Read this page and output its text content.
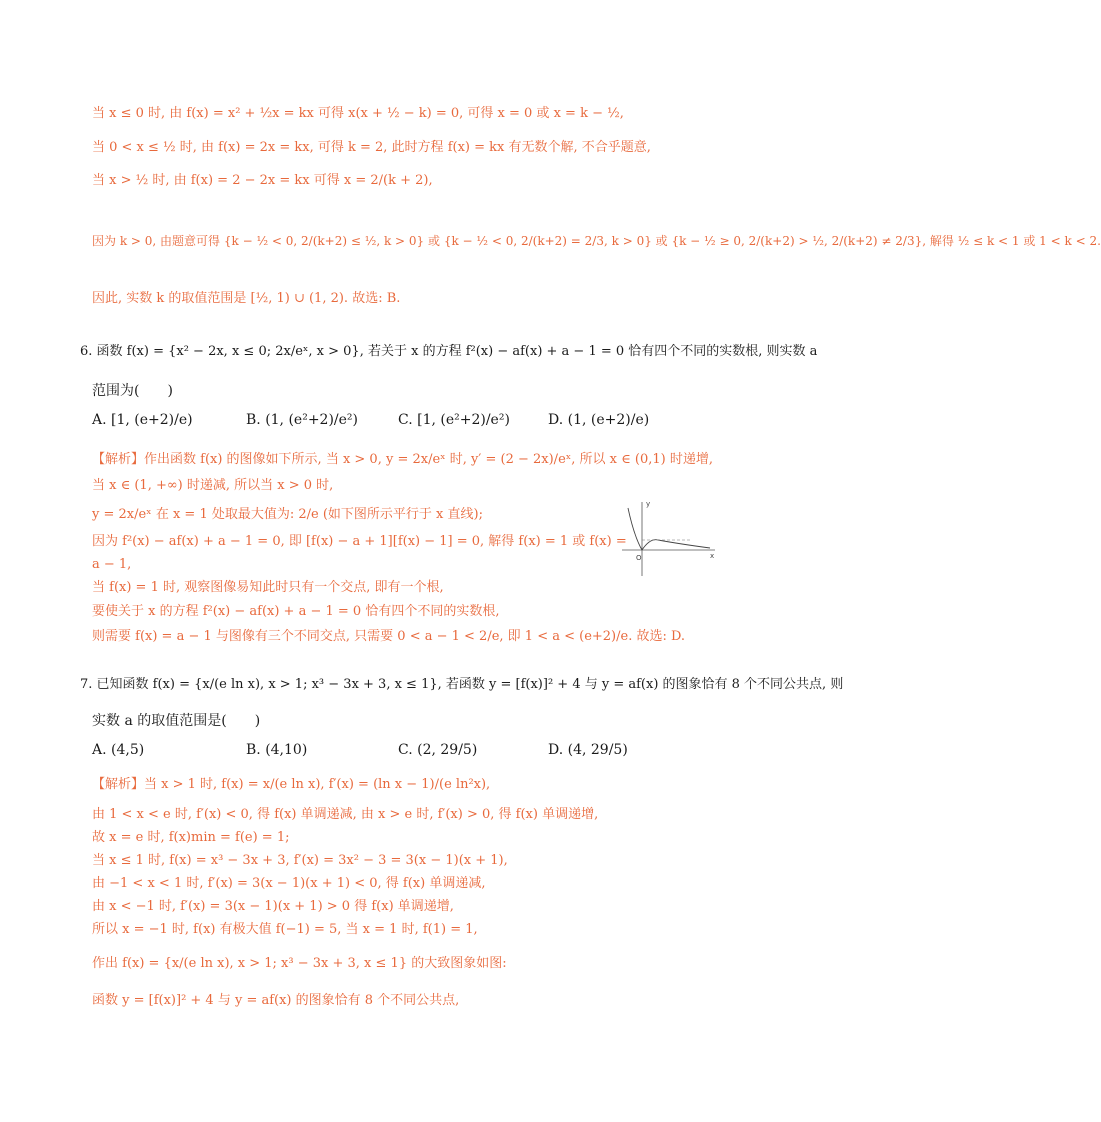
当 x ≤ 0 时, 由 f(x) = x² + ½x = kx 可得 x(x + ½ − k) = 0, 可得 x = 0 或 x = k − ½,
当 0 < x ≤ ½ 时, 由 f(x) = 2x = kx, 可得 k = 2, 此时方程 f(x) = kx 有无数个解, 不合乎题意,
当 x > ½ 时, 由 f(x) = 2 − 2x = kx 可得 x = 2/(k + 2),
因为 k > 0, 由题意可得 {k − ½ < 0, 2/(k+2) ≤ ½, k > 0} 或 {k − ½ < 0, 2/(k+2) = 2/3, k > 0} 或 {k − ½ ≥ 0, 2/(k+2) > ½, 2/(k+2) ≠ 2/3}, 解得 ½ ≤ k < 1 或 1 < k < 2.
因此, 实数 k 的取值范围是 [½, 1) ∪ (1, 2). 故选: B.
6. 函数 f(x) = {x² − 2x, x ≤ 0; 2x/eˣ, x > 0}, 若关于 x 的方程 f²(x) − af(x) + a − 1 = 0 恰有四个不同的实数根, 则实数 a
范围为(　　)
A. [1, (e+2)/e)	B. (1, (e²+2)/e²)	C. [1, (e²+2)/e²)	D. (1, (e+2)/e)
【解析】作出函数 f(x) 的图像如下所示, 当 x > 0, y = 2x/eˣ 时, y′ = (2 − 2x)/eˣ, 所以 x ∈ (0,1) 时递增,
当 x ∈ (1, +∞) 时递减, 所以当 x > 0 时,
y = 2x/eˣ 在 x = 1 处取最大值为: 2/e (如下图所示平行于 x 直线);
因为 f²(x) − af(x) + a − 1 = 0, 即 [f(x) − a + 1][f(x) − 1] = 0, 解得 f(x) = 1 或 f(x) =
a − 1,
当 f(x) = 1 时, 观察图像易知此时只有一个交点, 即有一个根,
要使关于 x 的方程 f²(x) − af(x) + a − 1 = 0 恰有四个不同的实数根,
则需要 f(x) = a − 1 与图像有三个不同交点, 只需要 0 < a − 1 < 2/e, 即 1 < a < (e+2)/e. 故选: D.
y
x
O
7. 已知函数 f(x) = {x/(e ln x), x > 1; x³ − 3x + 3, x ≤ 1}, 若函数 y = [f(x)]² + 4 与 y = af(x) 的图象恰有 8 个不同公共点, 则
实数 a 的取值范围是(　　)
A. (4,5)	B. (4,10)	C. (2, 29/5)	D. (4, 29/5)
【解析】当 x > 1 时, f(x) = x/(e ln x), f′(x) = (ln x − 1)/(e ln²x),
由 1 < x < e 时, f′(x) < 0, 得 f(x) 单调递减, 由 x > e 时, f′(x) > 0, 得 f(x) 单调递增,
故 x = e 时, f(x)min = f(e) = 1;
当 x ≤ 1 时, f(x) = x³ − 3x + 3, f′(x) = 3x² − 3 = 3(x − 1)(x + 1),
由 −1 < x < 1 时, f′(x) = 3(x − 1)(x + 1) < 0, 得 f(x) 单调递减,
由 x < −1 时, f′(x) = 3(x − 1)(x + 1) > 0 得 f(x) 单调递增,
所以 x = −1 时, f(x) 有极大值 f(−1) = 5, 当 x = 1 时, f(1) = 1,
作出 f(x) = {x/(e ln x), x > 1; x³ − 3x + 3, x ≤ 1} 的大致图象如图:
函数 y = [f(x)]² + 4 与 y = af(x) 的图象恰有 8 个不同公共点,
